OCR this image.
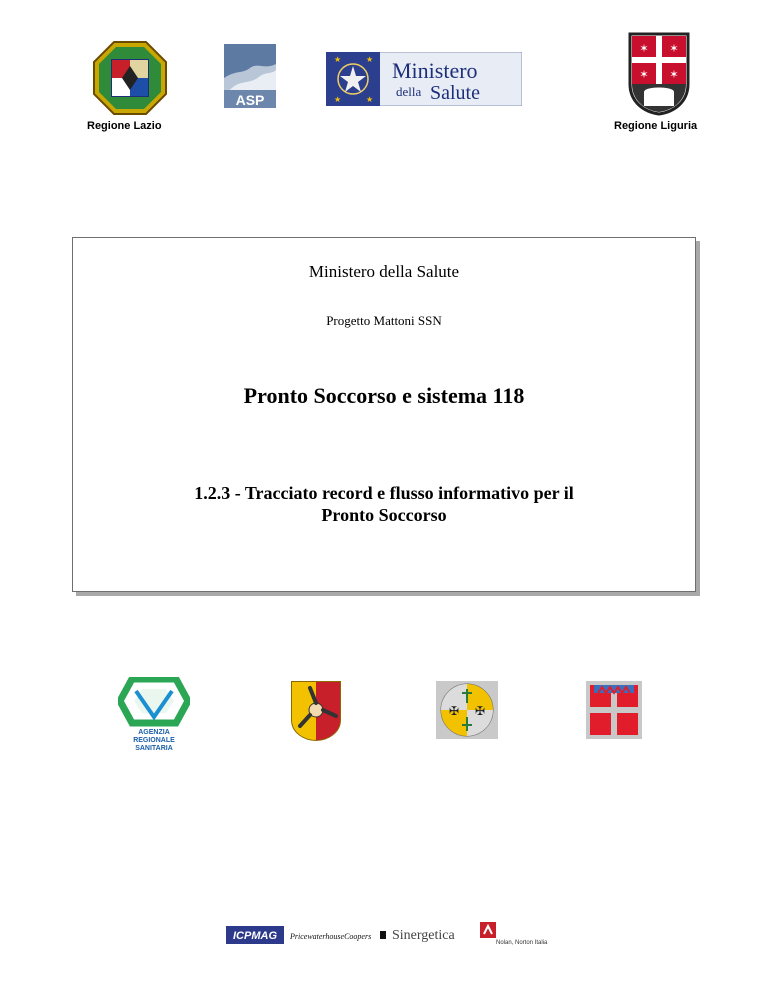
ASP
★	★
★	★
Ministero
della Salute
✶ ✶
✶ ✶
Regione Lazio	Regione Liguria
Ministero della Salute
Progetto Mattoni SSN
Pronto Soccorso e sistema 118
1.2.3 - Tracciato record e flusso informativo per il
Pronto Soccorso
AGENZIA
REGIONALE
SANITARIA
✠ ✠
ICPMAG PricewaterhouseCoopers Sinergetica	Nolan, Norton Italia
